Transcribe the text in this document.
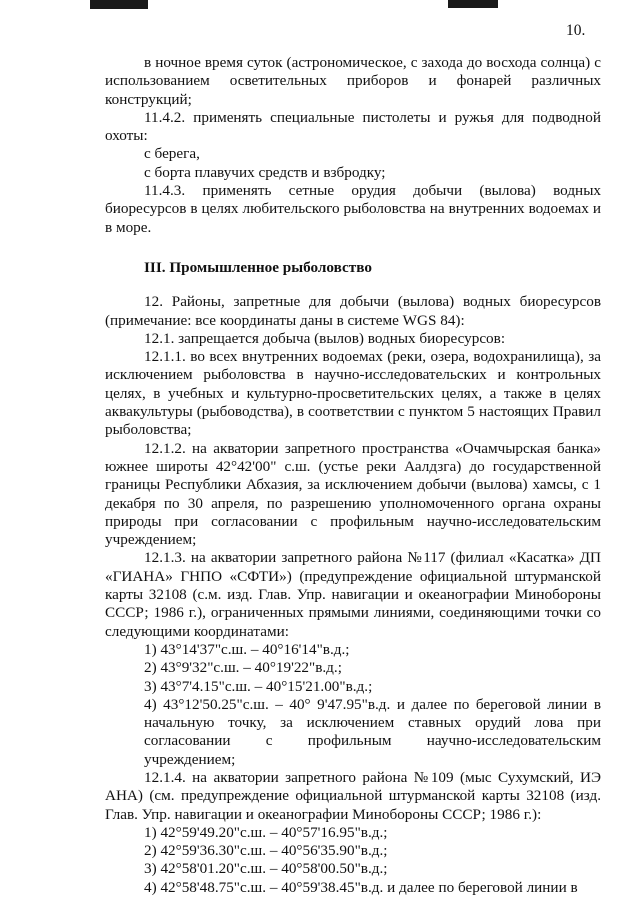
10.

в ночное время суток (астрономическое, с захода до восхода солнца) с использованием осветительных приборов и фонарей различных конструкций;

11.4.2. применять специальные пистолеты и ружья для подводной охоты:

с берега,

с борта плавучих средств и взбродку;

11.4.3. применять сетные орудия добычи (вылова) водных биоресурсов в целях любительского рыболовства на внутренних водоемах и в море.

III. Промышленное рыболовство

12. Районы, запретные для добычи (вылова) водных биоресурсов (примечание: все координаты даны в системе WGS 84):

12.1. запрещается добыча (вылов) водных биоресурсов:

12.1.1. во всех внутренних водоемах (реки, озера, водохранилища), за исключением рыболовства в научно-исследовательских и контрольных целях, в учебных и культурно-просветительских целях, а также в целях аквакультуры (рыбоводства), в соответствии с пунктом 5 настоящих Правил рыболовства;

12.1.2. на акватории запретного пространства «Очамчырская банка» южнее широты 42°42'00" с.ш. (устье реки Аалдзга) до государственной границы Республики Абхазия, за исключением добычи (вылова) хамсы, с 1 декабря по 30 апреля, по разрешению уполномоченного органа охраны природы при согласовании с профильным научно-исследовательским учреждением;

12.1.3. на акватории запретного района №117 (филиал «Касатка» ДП «ГИАНА» ГНПО «СФТИ») (предупреждение официальной штурманской карты 32108 (с.м. изд. Глав. Упр. навигации и океанографии Минобороны СССР; 1986 г.), ограниченных прямыми линиями, соединяющими точки со следующими координатами:

1) 43°14'37"с.ш. – 40°16'14"в.д.;

2) 43°9'32"с.ш. – 40°19'22"в.д.;

3) 43°7'4.15"с.ш. – 40°15'21.00"в.д.;

4) 43°12'50.25"с.ш. – 40° 9'47.95"в.д. и далее по береговой линии в начальную точку, за исключением ставных орудий лова при согласовании с профильным научно-исследовательским учреждением;

12.1.4. на акватории запретного района №109 (мыс Сухумский, ИЭ АНА) (см. предупреждение официальной штурманской карты 32108 (изд. Глав. Упр. навигации и океанографии Минобороны СССР; 1986 г.):

1) 42°59'49.20"с.ш. – 40°57'16.95"в.д.;

2) 42°59'36.30"с.ш. – 40°56'35.90"в.д.;

3) 42°58'01.20"с.ш. – 40°58'00.50"в.д.;

4) 42°58'48.75"с.ш. – 40°59'38.45"в.д. и далее по береговой линии в
